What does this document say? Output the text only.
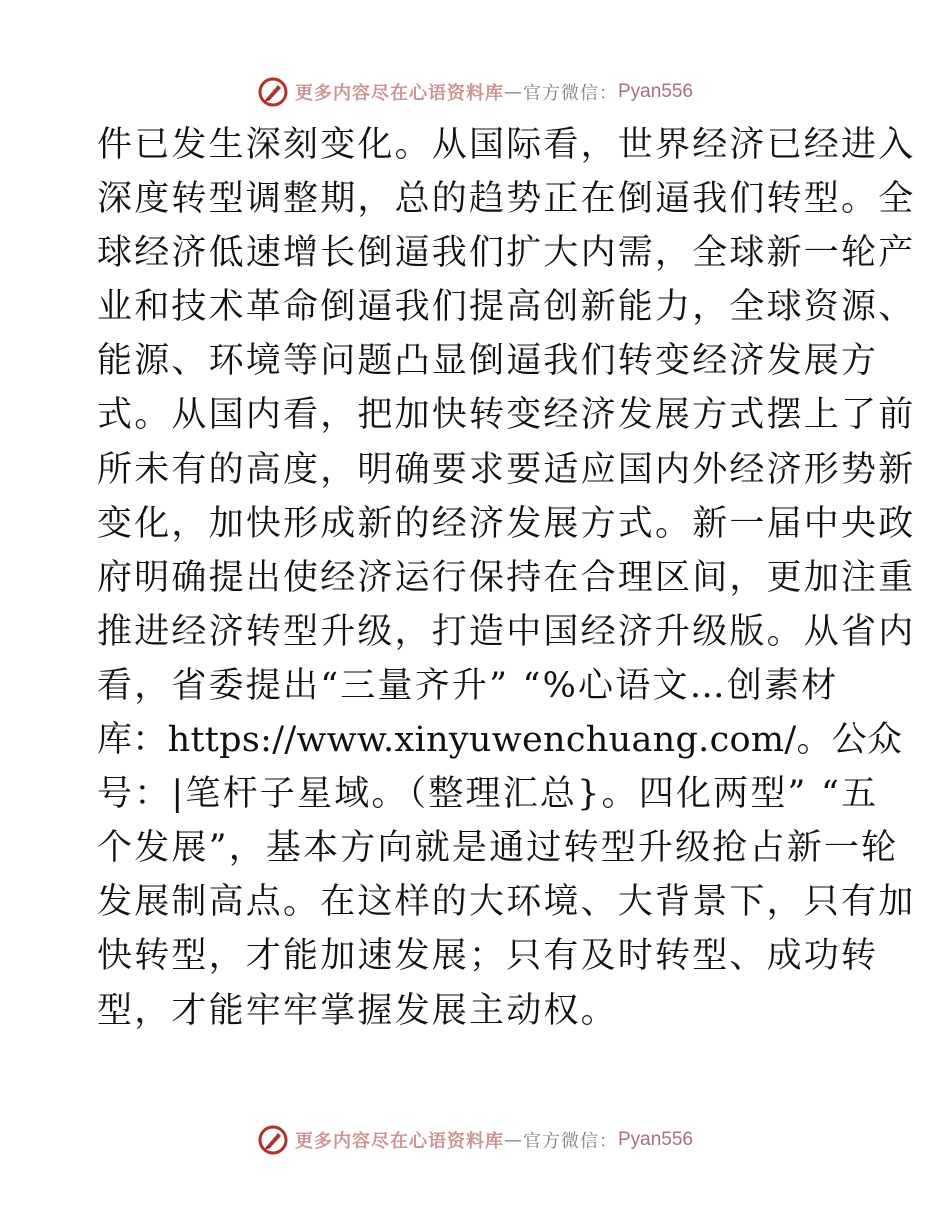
更多内容尽在心语资料库 — 官方微信： Pyan556
件已发生深刻变化。从国际看，世界经济已经进入
深度转型调整期，总的趋势正在倒逼我们转型。全
球经济低速增长倒逼我们扩大内需，全球新一轮产
业和技术革命倒逼我们提高创新能力，全球资源、
能源、环境等问题凸显倒逼我们转变经济发展方
式。从国内看，把加快转变经济发展方式摆上了前
所未有的高度，明确要求要适应国内外经济形势新
变化，加快形成新的经济发展方式。新一届中央政
府明确提出使经济运行保持在合理区间，更加注重
推进经济转型升级，打造中国经济升级版。从省内
看，省委提出“三量齐升” “%心语文…创素材
库：https://www.xinyuwenchuang.com/。公众
号：|笔杆子星域。（整理汇总}。四化两型” “五
个发展”，基本方向就是通过转型升级抢占新一轮
发展制高点。在这样的大环境、大背景下，只有加
快转型，才能加速发展；只有及时转型、成功转
型，才能牢牢掌握发展主动权。
更多内容尽在心语资料库 — 官方微信： Pyan556
